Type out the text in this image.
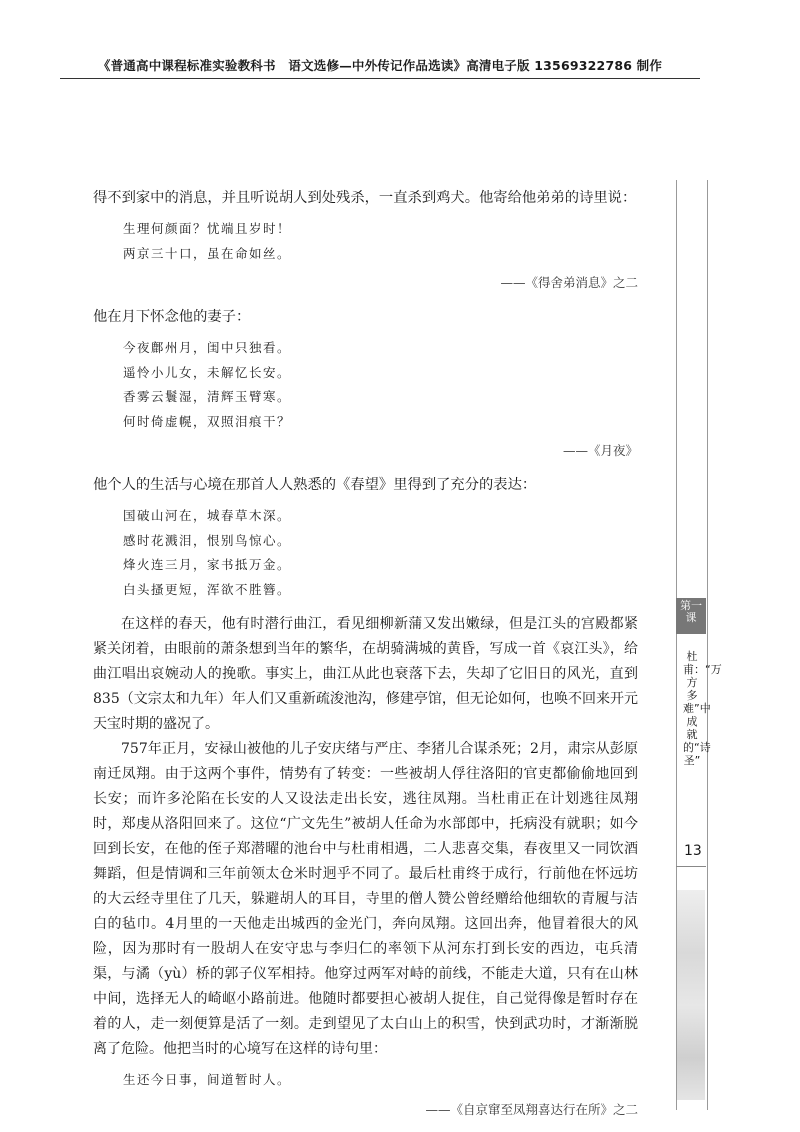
《普通高中课程标准实验教科书　语文选修—中外传记作品选读》高清电子版 13569322786 制作

得不到家中的消息，并且听说胡人到处残杀，一直杀到鸡犬。他寄给他弟弟的诗里说：

生理何颜面？忧端且岁时！
两京三十口，虽在命如丝。
——《得舍弟消息》之二

他在月下怀念他的妻子：

今夜鄜州月，闺中只独看。
遥怜小儿女，未解忆长安。
香雾云鬟湿，清辉玉臂寒。
何时倚虚幌，双照泪痕干？
——《月夜》

他个人的生活与心境在那首人人熟悉的《春望》里得到了充分的表达：

国破山河在，城春草木深。
感时花溅泪，恨别鸟惊心。
烽火连三月，家书抵万金。
白头搔更短，浑欲不胜簪。

在这样的春天，他有时潜行曲江，看见细柳新蒲又发出嫩绿，但是江头的宫殿都紧紧关闭着，由眼前的萧条想到当年的繁华，在胡骑满城的黄昏，写成一首《哀江头》，给曲江唱出哀婉动人的挽歌。事实上，曲江从此也衰落下去，失却了它旧日的风光，直到835（文宗太和九年）年人们又重新疏浚池沟，修建亭馆，但无论如何，也唤不回来开元天宝时期的盛况了。

757年正月，安禄山被他的儿子安庆绪与严庄、李猪儿合谋杀死；2月，肃宗从彭原南迁凤翔。由于这两个事件，情势有了转变：一些被胡人俘往洛阳的官吏都偷偷地回到长安；而许多沦陷在长安的人又设法走出长安，逃往凤翔。当杜甫正在计划逃往凤翔时，郑虔从洛阳回来了。这位“广文先生”被胡人任命为水部郎中，托病没有就职；如今回到长安，在他的侄子郑潜曜的池台中与杜甫相遇，二人悲喜交集，春夜里又一同饮酒舞蹈，但是情调和三年前领太仓米时迥乎不同了。最后杜甫终于成行，行前他在怀远坊的大云经寺里住了几天，躲避胡人的耳目，寺里的僧人赞公曾经赠给他细软的青履与洁白的毡巾。4月里的一天他走出城西的金光门，奔向凤翔。这回出奔，他冒着很大的风险，因为那时有一股胡人在安守忠与李归仁的率领下从河东打到长安的西边，屯兵清渠，与潏（yù）桥的郭子仪军相持。他穿过两军对峙的前线，不能走大道，只有在山林中间，选择无人的崎岖小路前进。他随时都要担心被胡人捉住，自己觉得像是暂时存在着的人，走一刻便算是活了一刻。走到望见了太白山上的积雪，快到武功时，才渐渐脱离了危险。他把当时的心境写在这样的诗句里：

生还今日事，间道暂时人。
——《自京窜至凤翔喜达行在所》之二
第一课
杜甫：“万方多难”中成就的“诗圣”
13
